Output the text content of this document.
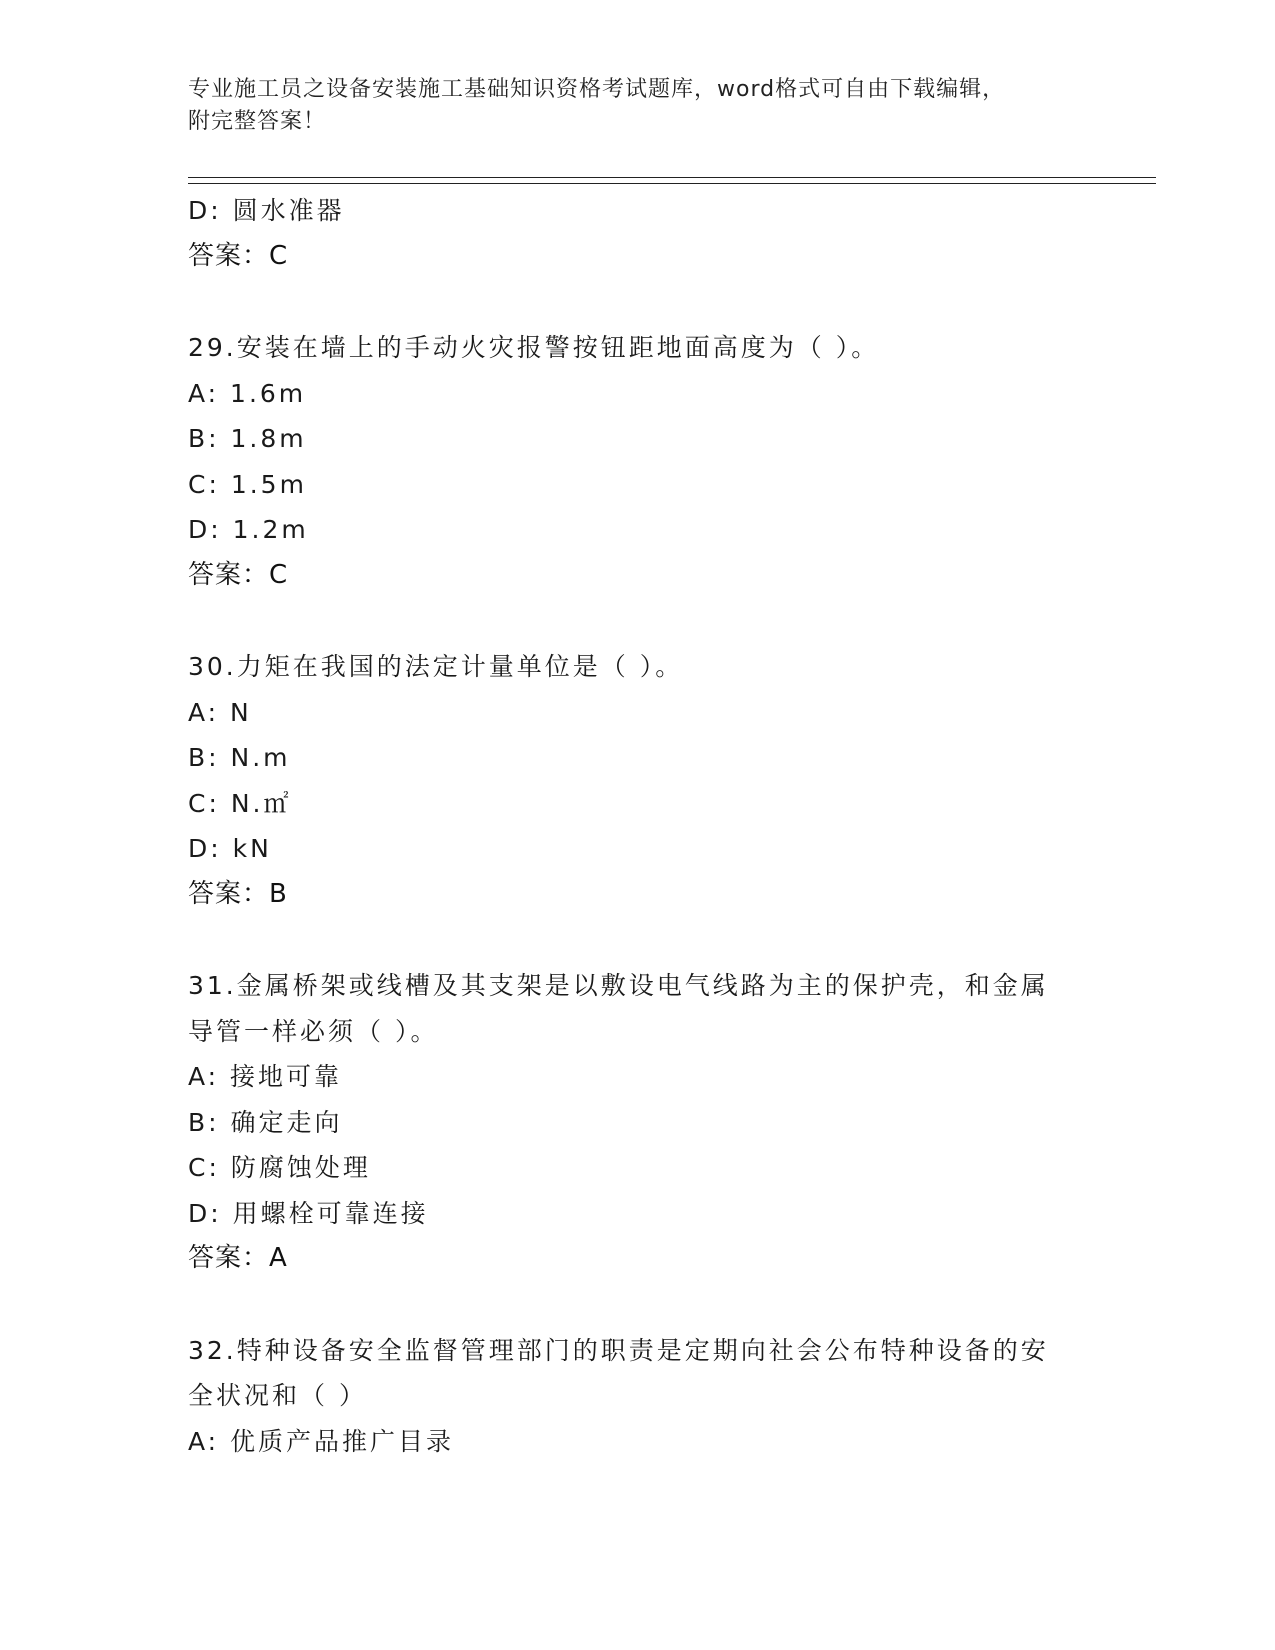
专业施工员之设备安装施工基础知识资格考试题库，word格式可自由下载编辑，
附完整答案！
D: 圆水准器
答案：C
29.安装在墙上的手动火灾报警按钮距地面高度为（ ）。
A: 1.6m
B: 1.8m
C: 1.5m
D: 1.2m
答案：C
30.力矩在我国的法定计量单位是（ ）。
A: N
B: N.m
C: N.㎡
D: kN
答案：B
31.金属桥架或线槽及其支架是以敷设电气线路为主的保护壳，和金属
导管一样必须（ ）。
A: 接地可靠
B: 确定走向
C: 防腐蚀处理
D: 用螺栓可靠连接
答案：A
32.特种设备安全监督管理部门的职责是定期向社会公布特种设备的安
全状况和（ ）
A: 优质产品推广目录
